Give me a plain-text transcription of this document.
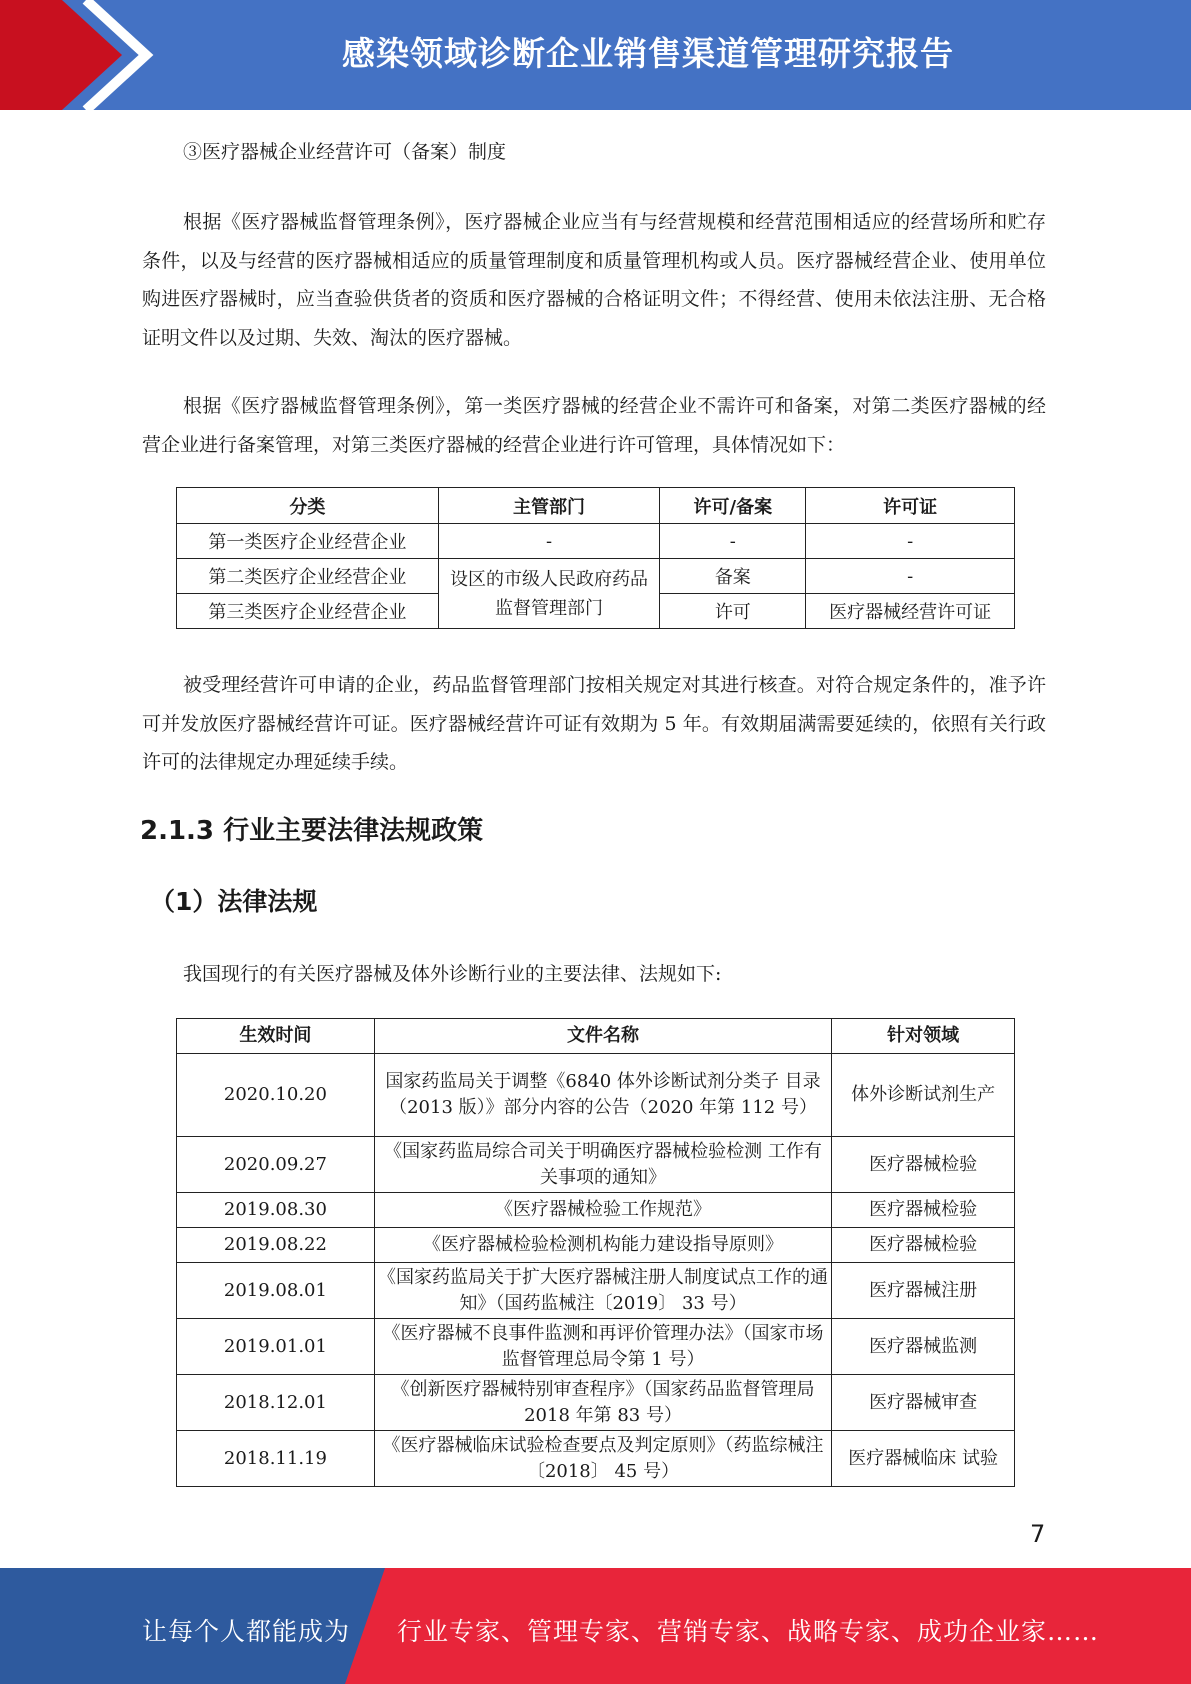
感染领域诊断企业销售渠道管理研究报告

③医疗器械企业经营许可（备案）制度

根据《医疗器械监督管理条例》，医疗器械企业应当有与经营规模和经营范围相适应的经营场所和贮存条件，以及与经营的医疗器械相适应的质量管理制度和质量管理机构或人员。医疗器械经营企业、使用单位购进医疗器械时，应当查验供货者的资质和医疗器械的合格证明文件；不得经营、使用未依法注册、无合格证明文件以及过期、失效、淘汰的医疗器械。

根据《医疗器械监督管理条例》，第一类医疗器械的经营企业不需许可和备案，对第二类医疗器械的经营企业进行备案管理，对第三类医疗器械的经营企业进行许可管理，具体情况如下：

分类	主管部门	许可/备案	许可证
第一类医疗企业经营企业	-	-	-
第二类医疗企业经营企业	设区的市级人民政府药品监督管理部门	备案	-
第三类医疗企业经营企业		许可	医疗器械经营许可证

被受理经营许可申请的企业，药品监督管理部门按相关规定对其进行核查。对符合规定条件的，准予许可并发放医疗器械经营许可证。医疗器械经营许可证有效期为 5 年。有效期届满需要延续的，依照有关行政许可的法律规定办理延续手续。

2.1.3 行业主要法律法规政策
（1）法律法规

我国现行的有关医疗器械及体外诊断行业的主要法律、法规如下:

生效时间	文件名称	针对领域
2020.10.20	国家药监局关于调整《6840 体外诊断试剂分类子 目录（2013 版）》部分内容的公告（2020 年第 112 号）	体外诊断试剂生产
2020.09.27	《国家药监局综合司关于明确医疗器械检验检测 工作有关事项的通知》	医疗器械检验
2019.08.30	《医疗器械检验工作规范》	医疗器械检验
2019.08.22	《医疗器械检验检测机构能力建设指导原则》	医疗器械检验
2019.08.01	《国家药监局关于扩大医疗器械注册人制度试点工作的通知》（国药监械注〔2019〕 33 号）	医疗器械注册
2019.01.01	《医疗器械不良事件监测和再评价管理办法》（国家市场监督管理总局令第 1 号）	医疗器械监测
2018.12.01	《创新医疗器械特别审查程序》（国家药品监督管理局 2018 年第 83 号）	医疗器械审查
2018.11.19	《医疗器械临床试验检查要点及判定原则》（药监综械注〔2018〕 45 号）	医疗器械临床 试验
7
让每个人都能成为 行业专家、管理专家、营销专家、战略专家、成功企业家……
